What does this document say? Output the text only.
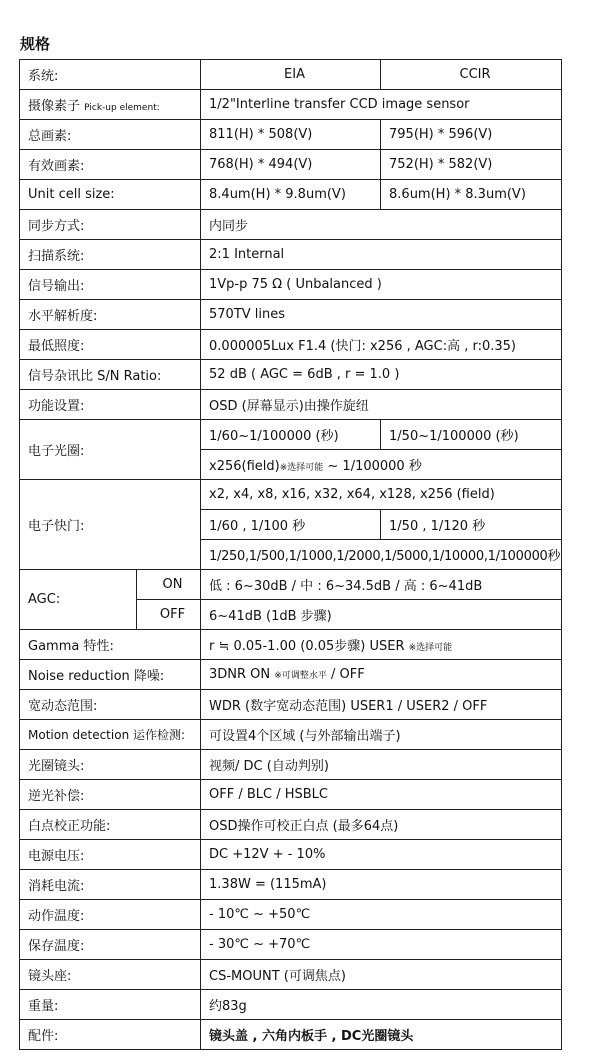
规格
系统:		EIA	CCIR
摄像素子 Pick-up element:		1/2"Interline transfer CCD image sensor	
总画素:		811(H) * 508(V)	795(H) * 596(V)
有效画素:		768(H) * 494(V)	752(H) * 582(V)
Unit cell size:		8.4um(H) * 9.8um(V)	8.6um(H) * 8.3um(V)
同步方式:		内同步	
扫描系统:		2:1 Internal	
信号输出:		1Vp-p 75 Ω ( Unbalanced )	
水平解析度:		570TV lines	
最低照度:		0.000005Lux F1.4 (快门: x256 , AGC:高 , r:0.35)	
信号杂讯比 S/N Ratio:		52 dB ( AGC = 6dB , r = 1.0 )	
功能设置:		OSD (屏幕显示)由操作旋纽	
电子光圈:		1/60~1/100000 (秒)	1/50~1/100000 (秒)
		x256(field)※选择可能 ~ 1/100000 秒	
电子快门:		x2, x4, x8, x16, x32, x64, x128, x256 (field)	
		1/60 , 1/100 秒	1/50 , 1/120 秒
		1/250,1/500,1/1000,1/2000,1/5000,1/10000,1/100000秒	
AGC:	ON	低 : 6~30dB / 中 : 6~34.5dB / 高 : 6~41dB	
	OFF	6~41dB (1dB 步骤)	
Gamma 特性:		r ≒ 0.05-1.00 (0.05步骤) USER ※选择可能	
Noise reduction 降噪:		3DNR ON ※可调整水平 / OFF	
宽动态范围:		WDR (数字宽动态范围) USER1 / USER2 / OFF	
Motion detection 运作检测:		可设置4个区域 (与外部输出端子)	
光圈镜头:		视频/ DC (自动判别)	
逆光补偿:		OFF / BLC / HSBLC	
白点校正功能:		OSD操作可校正白点 (最多64点)	
电源电压:		DC +12V + - 10%	
消耗电流:		1.38W = (115mA)	
动作温度:		- 10℃ ~ +50℃	
保存温度:		- 30℃ ~ +70℃	
镜头座:		CS-MOUNT (可调焦点)	
重量:		约83g	
配件:		镜头盖 , 六角内板手 , DC光圈镜头	
